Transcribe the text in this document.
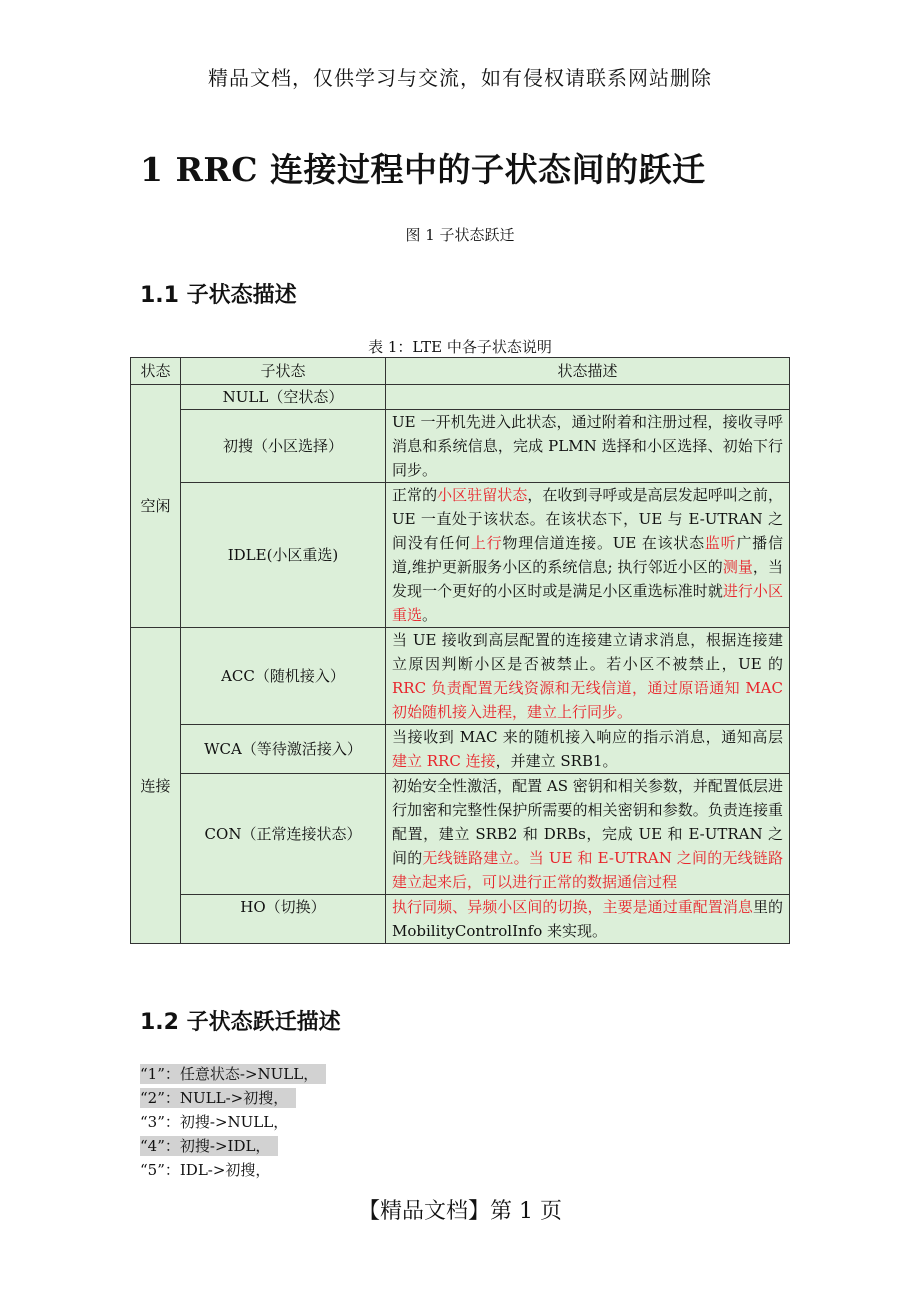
精品文档，仅供学习与交流，如有侵权请联系网站删除
1 RRC 连接过程中的子状态间的跃迁
图 1 子状态跃迁
1.1 子状态描述
表 1：LTE 中各子状态说明
状态	子状态	状态描述
空闲	NULL（空状态）	
	初搜（小区选择）	UE 一开机先进入此状态，通过附着和注册过程，接收寻呼消息和系统信息，完成 PLMN 选择和小区选择、初始下行同步。
	IDLE(小区重选)	正常的小区驻留状态，在收到寻呼或是高层发起呼叫之前，UE 一直处于该状态。在该状态下，UE 与 E-UTRAN 之间没有任何上行物理信道连接。UE 在该状态监听广播信道,维护更新服务小区的系统信息; 执行邻近小区的测量，当发现一个更好的小区时或是满足小区重选标准时就进行小区重选。
连接	ACC（随机接入）	当 UE 接收到高层配置的连接建立请求消息，根据连接建立原因判断小区是否被禁止。若小区不被禁止，UE 的RRC 负责配置无线资源和无线信道，通过原语通知 MAC 初始随机接入进程，建立上行同步。
	WCA（等待激活接入）	当接收到 MAC 来的随机接入响应的指示消息，通知高层建立 RRC 连接，并建立 SRB1。
	CON（正常连接状态）	初始安全性激活，配置 AS 密钥和相关参数，并配置低层进行加密和完整性保护所需要的相关密钥和参数。负责连接重配置，建立 SRB2 和 DRBs，完成 UE 和 E-UTRAN 之间的无线链路建立。当 UE 和 E-UTRAN 之间的无线链路建立起来后，可以进行正常的数据通信过程
	HO（切换）	执行同频、异频小区间的切换，主要是通过重配置消息里的 MobilityControlInfo 来实现。
1.2 子状态跃迁描述
“1”：任意状态->NULL，
“2”：NULL->初搜，
“3”：初搜->NULL，
“4”：初搜->IDL，
“5”：IDL->初搜，
【精品文档】第 1 页
